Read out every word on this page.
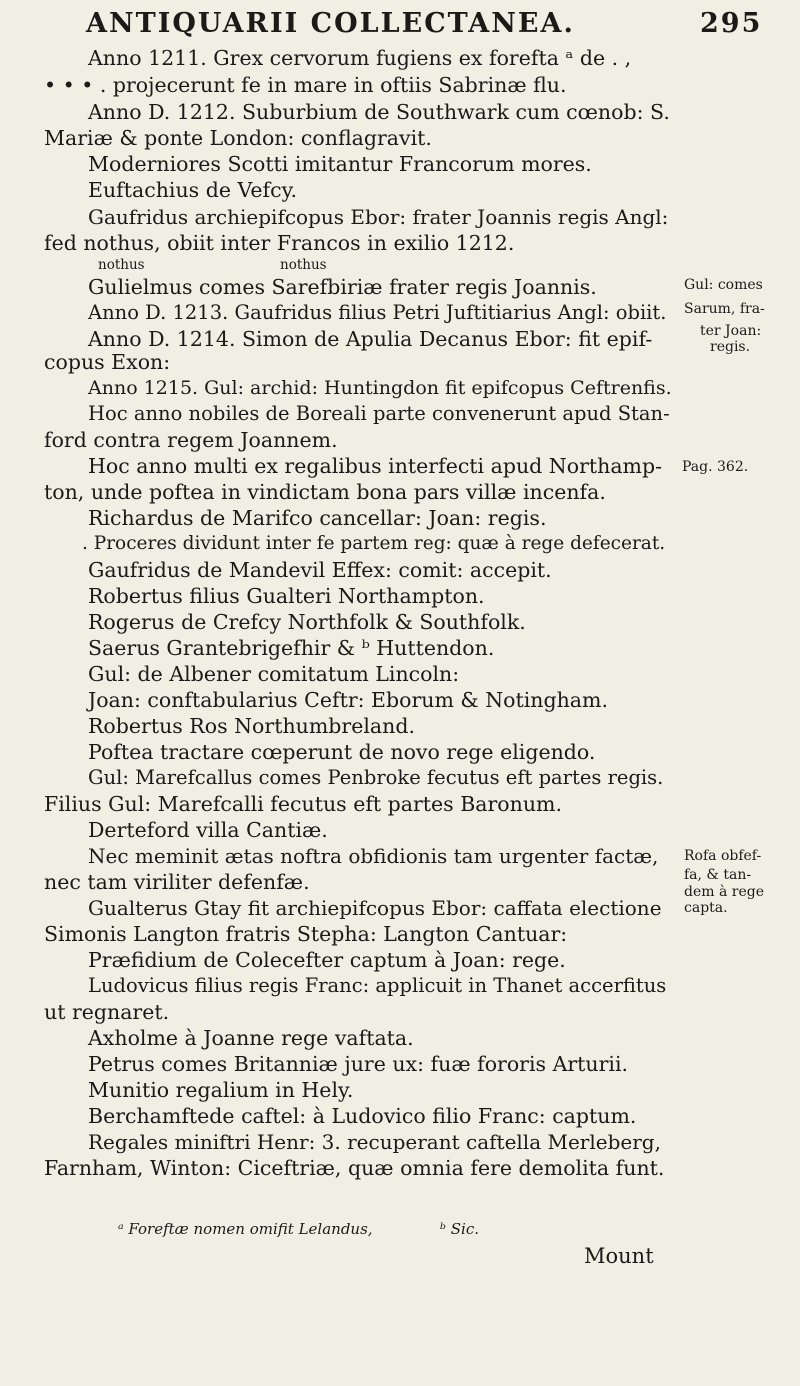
ANTIQUARII COLLECTANEA.	295
Anno 1211. Grex cervorum fugiens ex forefta ᵃ de . ,
• • • . projecerunt fe in mare in oftiis Sabrinæ flu.
Anno D. 1212. Suburbium de Southwark cum cœnob: S.
Mariæ & ponte London: conflagravit.
Moderniores Scotti imitantur Francorum mores.
Euftachius de Vefcy.
Gaufridus archiepifcopus Ebor: frater Joannis regis Angl:
fed nothus, obiit inter Francos in exilio 1212.
nothus	nothus
Gulielmus comes Sarefbiriæ frater regis Joannis.
Anno D. 1213. Gaufridus filius Petri Juftitiarius Angl: obiit.
Anno D. 1214. Simon de Apulia Decanus Ebor: fit epif-
copus Exon:
Anno 1215. Gul: archid: Huntingdon fit epifcopus Ceftrenfis.
Hoc anno nobiles de Boreali parte convenerunt apud Stan-
ford contra regem Joannem.
Hoc anno multi ex regalibus interfecti apud Northamp-
ton, unde poftea in vindictam bona pars villæ incenfa.
Richardus de Marifco cancellar: Joan: regis.
. Proceres dividunt inter fe partem reg: quæ à rege defecerat.
Gaufridus de Mandevil Effex: comit: accepit.
Robertus filius Gualteri Northampton.
Rogerus de Crefcy Northfolk & Southfolk.
Saerus Grantebrigefhir & ᵇ Huttendon.
Gul: de Albener comitatum Lincoln:
Joan: conftabularius Ceftr: Eborum & Notingham.
Robertus Ros Northumbreland.
Poftea tractare cœperunt de novo rege eligendo.
Gul: Marefcallus comes Penbroke fecutus eft partes regis.
Filius Gul: Marefcalli fecutus eft partes Baronum.
Derteford villa Cantiæ.
Nec meminit ætas noftra obfidionis tam urgenter factæ,
nec tam viriliter defenfæ.
Gualterus Gtay fit archiepifcopus Ebor: caffata electione
Simonis Langton fratris Stepha: Langton Cantuar:
Præfidium de Colecefter captum à Joan: rege.
Ludovicus filius regis Franc: applicuit in Thanet accerfitus
ut regnaret.
Axholme à Joanne rege vaftata.
Petrus comes Britanniæ jure ux: fuæ fororis Arturii.
Munitio regalium in Hely.
Berchamftede caftel: à Ludovico filio Franc: captum.
Regales miniftri Henr: 3. recuperant caftella Merleberg,
Farnham, Winton: Ciceftriæ, quæ omnia fere demolita funt.
Gul: comes
Sarum, fra-
ter Joan:
regis.
Pag. 362.
Rofa obfef-
fa, & tan-
dem à rege
capta.
ᵃ Foreftæ nomen omifit Lelandus,	ᵇ Sic.
Mount
